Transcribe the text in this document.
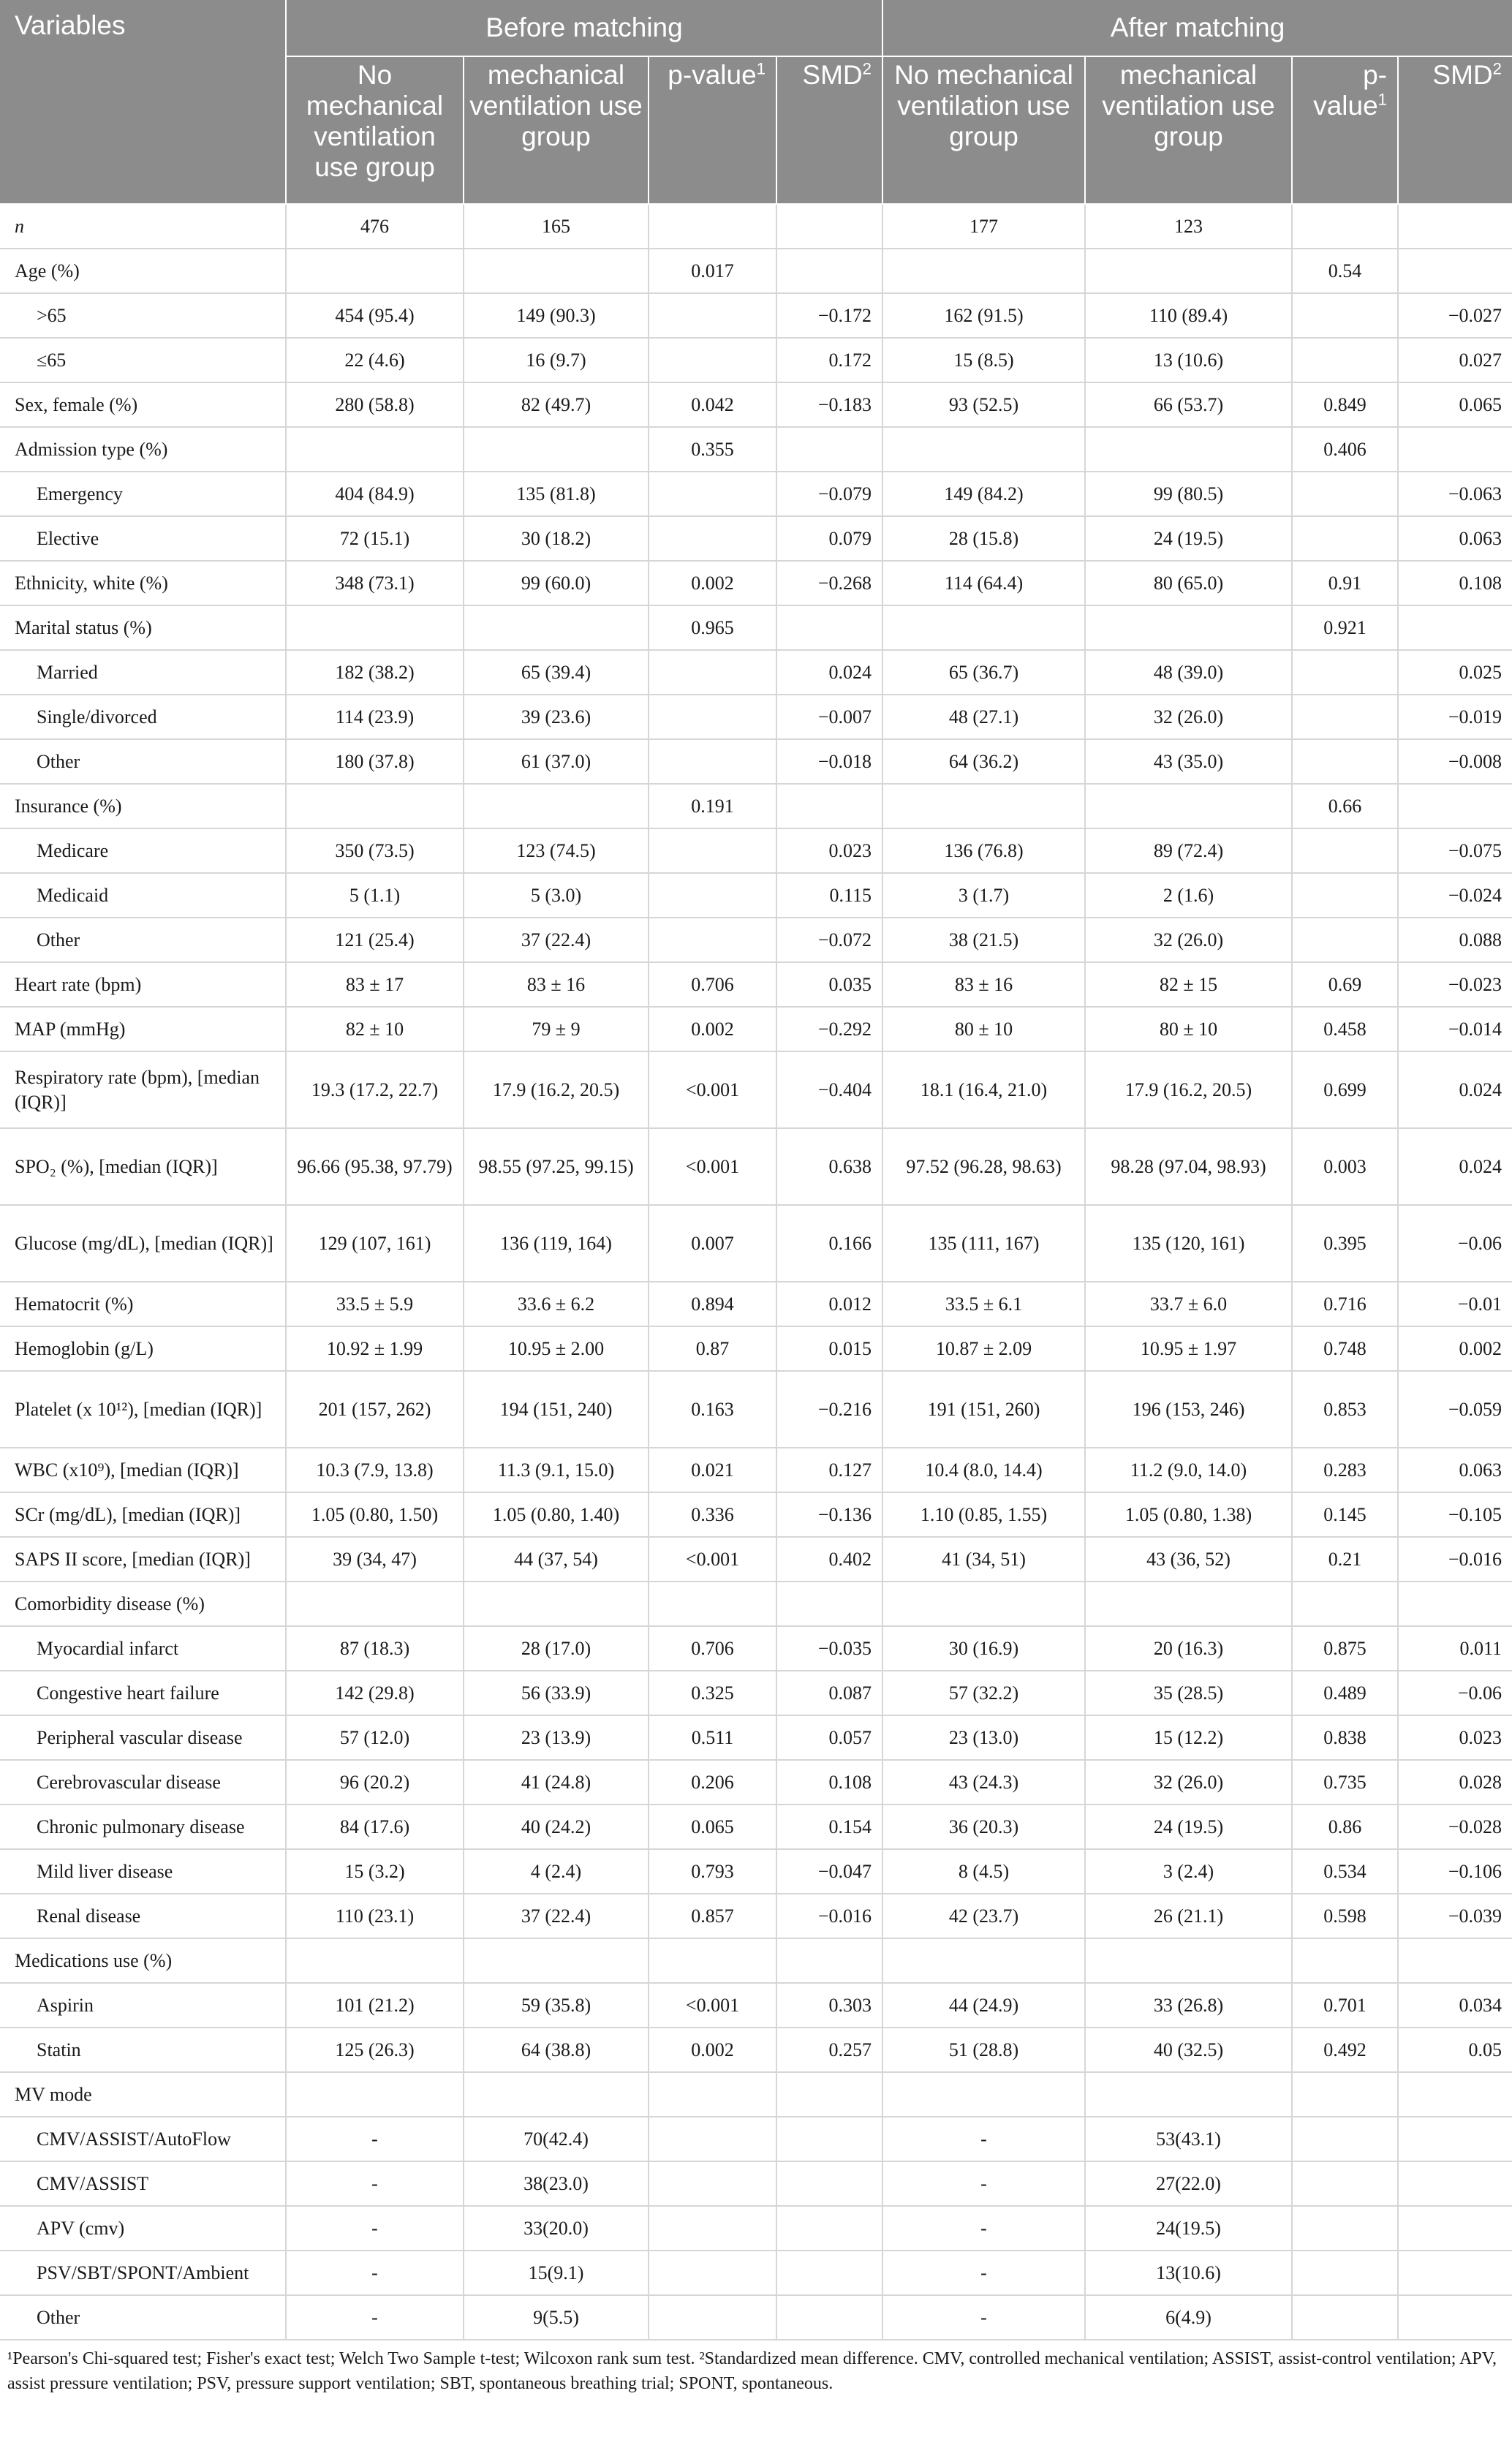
Variables	Before matching				After matching			
	No mechanical ventilation use group	mechanical ventilation use group	p-value$^1$	SMD$^2$	No mechanical ventilation use group	mechanical ventilation use group	p-value$^1$	SMD$^2$
n	476	165			177	123		
Age (%)			0.017				0.54	
>65	454 (95.4)	149 (90.3)		−0.172	162 (91.5)	110 (89.4)		−0.027
≤65	22 (4.6)	16 (9.7)		0.172	15 (8.5)	13 (10.6)		0.027
Sex, female (%)	280 (58.8)	82 (49.7)	0.042	−0.183	93 (52.5)	66 (53.7)	0.849	0.065
Admission type (%)			0.355				0.406	
Emergency	404 (84.9)	135 (81.8)		−0.079	149 (84.2)	99 (80.5)		−0.063
Elective	72 (15.1)	30 (18.2)		0.079	28 (15.8)	24 (19.5)		0.063
Ethnicity, white (%)	348 (73.1)	99 (60.0)	0.002	−0.268	114 (64.4)	80 (65.0)	0.91	0.108
Marital status (%)			0.965				0.921	
Married	182 (38.2)	65 (39.4)		0.024	65 (36.7)	48 (39.0)		0.025
Single/divorced	114 (23.9)	39 (23.6)		−0.007	48 (27.1)	32 (26.0)		−0.019
Other	180 (37.8)	61 (37.0)		−0.018	64 (36.2)	43 (35.0)		−0.008
Insurance (%)			0.191				0.66	
Medicare	350 (73.5)	123 (74.5)		0.023	136 (76.8)	89 (72.4)		−0.075
Medicaid	5 (1.1)	5 (3.0)		0.115	3 (1.7)	2 (1.6)		−0.024
Other	121 (25.4)	37 (22.4)		−0.072	38 (21.5)	32 (26.0)		0.088
Heart rate (bpm)	83 ± 17	83 ± 16	0.706	0.035	83 ± 16	82 ± 15	0.69	−0.023
MAP (mmHg)	82 ± 10	79 ± 9	0.002	−0.292	80 ± 10	80 ± 10	0.458	−0.014
Respiratory rate (bpm), [median (IQR)]	19.3 (17.2, 22.7)	17.9 (16.2, 20.5)	<0.001	−0.404	18.1 (16.4, 21.0)	17.9 (16.2, 20.5)	0.699	0.024
SPO₂ (%), [median (IQR)]	96.66 (95.38, 97.79)	98.55 (97.25, 99.15)	<0.001	0.638	97.52 (96.28, 98.63)	98.28 (97.04, 98.93)	0.003	0.024
Glucose (mg/dL), [median (IQR)]	129 (107, 161)	136 (119, 164)	0.007	0.166	135 (111, 167)	135 (120, 161)	0.395	−0.06
Hematocrit (%)	33.5 ± 5.9	33.6 ± 6.2	0.894	0.012	33.5 ± 6.1	33.7 ± 6.0	0.716	−0.01
Hemoglobin (g/L)	10.92 ± 1.99	10.95 ± 2.00	0.87	0.015	10.87 ± 2.09	10.95 ± 1.97	0.748	0.002
Platelet (x 10¹²), [median (IQR)]	201 (157, 262)	194 (151, 240)	0.163	−0.216	191 (151, 260)	196 (153, 246)	0.853	−0.059
WBC (x10⁹), [median (IQR)]	10.3 (7.9, 13.8)	11.3 (9.1, 15.0)	0.021	0.127	10.4 (8.0, 14.4)	11.2 (9.0, 14.0)	0.283	0.063
SCr (mg/dL), [median (IQR)]	1.05 (0.80, 1.50)	1.05 (0.80, 1.40)	0.336	−0.136	1.10 (0.85, 1.55)	1.05 (0.80, 1.38)	0.145	−0.105
SAPS II score, [median (IQR)]	39 (34, 47)	44 (37, 54)	<0.001	0.402	41 (34, 51)	43 (36, 52)	0.21	−0.016
Comorbidity disease (%)								
Myocardial infarct	87 (18.3)	28 (17.0)	0.706	−0.035	30 (16.9)	20 (16.3)	0.875	0.011
Congestive heart failure	142 (29.8)	56 (33.9)	0.325	0.087	57 (32.2)	35 (28.5)	0.489	−0.06
Peripheral vascular disease	57 (12.0)	23 (13.9)	0.511	0.057	23 (13.0)	15 (12.2)	0.838	0.023
Cerebrovascular disease	96 (20.2)	41 (24.8)	0.206	0.108	43 (24.3)	32 (26.0)	0.735	0.028
Chronic pulmonary disease	84 (17.6)	40 (24.2)	0.065	0.154	36 (20.3)	24 (19.5)	0.86	−0.028
Mild liver disease	15 (3.2)	4 (2.4)	0.793	−0.047	8 (4.5)	3 (2.4)	0.534	−0.106
Renal disease	110 (23.1)	37 (22.4)	0.857	−0.016	42 (23.7)	26 (21.1)	0.598	−0.039
Medications use (%)								
Aspirin	101 (21.2)	59 (35.8)	<0.001	0.303	44 (24.9)	33 (26.8)	0.701	0.034
Statin	125 (26.3)	64 (38.8)	0.002	0.257	51 (28.8)	40 (32.5)	0.492	0.05
MV mode								
CMV/ASSIST/AutoFlow	-	70(42.4)			-	53(43.1)		
CMV/ASSIST	-	38(23.0)			-	27(22.0)		
APV (cmv)	-	33(20.0)			-	24(19.5)		
PSV/SBT/SPONT/Ambient	-	15(9.1)			-	13(10.6)		
Other	-	9(5.5)			-	6(4.9)		
¹Pearson's Chi-squared test; Fisher's exact test; Welch Two Sample t-test; Wilcoxon rank sum test. ²Standardized mean difference. CMV, controlled mechanical ventilation; ASSIST, assist-control ventilation; APV, assist pressure ventilation; PSV, pressure support ventilation; SBT, spontaneous breathing trial; SPONT, spontaneous.
